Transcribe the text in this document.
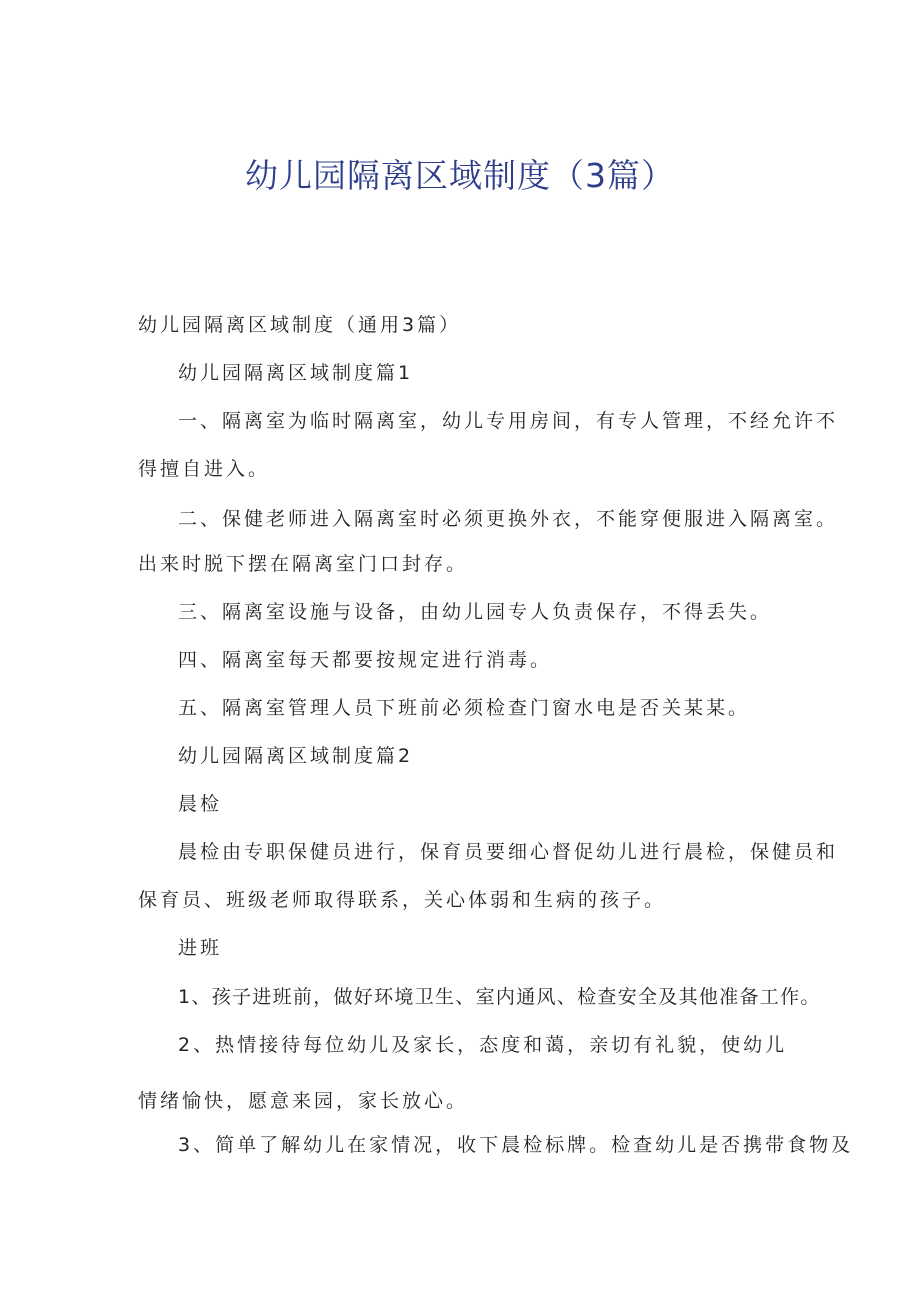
幼儿园隔离区域制度（3篇）

幼儿园隔离区域制度（通用3篇）

幼儿园隔离区域制度篇1

一、隔离室为临时隔离室，幼儿专用房间，有专人管理，不经允许不

得擅自进入。

二、保健老师进入隔离室时必须更换外衣，不能穿便服进入隔离室。

出来时脱下摆在隔离室门口封存。

三、隔离室设施与设备，由幼儿园专人负责保存，不得丢失。

四、隔离室每天都要按规定进行消毒。

五、隔离室管理人员下班前必须检查门窗水电是否关某某。

幼儿园隔离区域制度篇2

晨检

晨检由专职保健员进行，保育员要细心督促幼儿进行晨检，保健员和

保育员、班级老师取得联系，关心体弱和生病的孩子。

进班

1、孩子进班前，做好环境卫生、室内通风、检查安全及其他准备工作。

2、热情接待每位幼儿及家长，态度和蔼，亲切有礼貌，使幼儿

情绪愉快，愿意来园，家长放心。

3、简单了解幼儿在家情况，收下晨检标牌。检查幼儿是否携带食物及
